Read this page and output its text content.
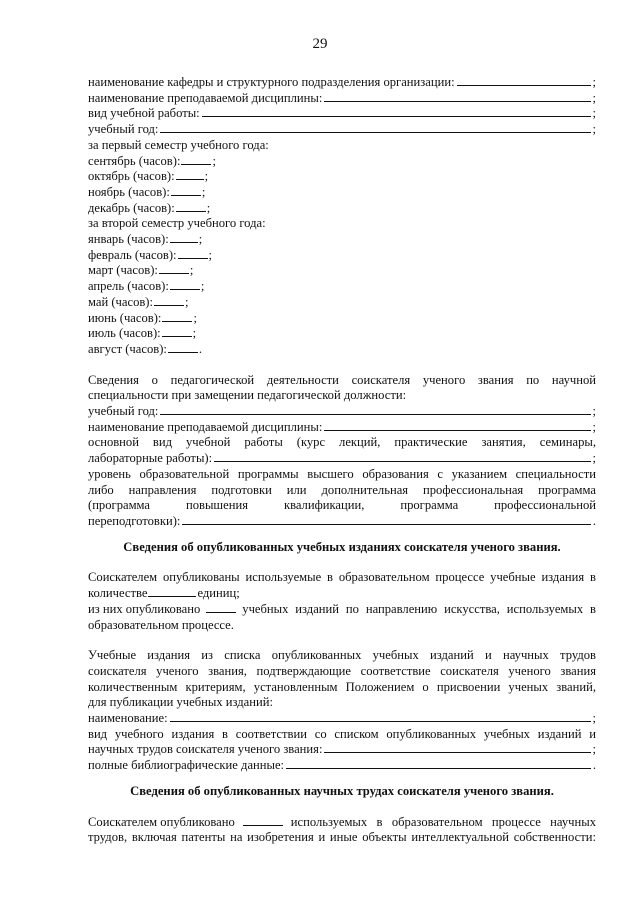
29
наименование кафедры и структурного подразделения организации:	;
наименование преподаваемой дисциплины:	;
вид учебной работы:	;
учебный год:	;
за первый семестр учебного года:
сентябрь (часов):	;
октябрь (часов): ;
ноябрь (часов):	;
декабрь (часов):	;
за второй семестр учебного года:
январь (часов): ;
февраль (часов):	;
март (часов):	;
апрель (часов):	;
май (часов):	;
июнь (часов):	;
июль (часов):	;
август (часов):	.
Сведения о педагогической деятельности соискателя ученого звания по научной
специальности при замещении педагогической должности:
учебный год:	;
наименование преподаваемой дисциплины:	;
основной вид учебной работы (курс лекций, практические занятия, семинары,
лабораторные работы):	;
уровень образовательной программы высшего образования с указанием специальности
либо направления подготовки или дополнительная профессиональная программа
(программа повышения квалификации, программа профессиональной
переподготовки):	.
Сведения об опубликованных учебных изданиях соискателя ученого звания.
Соискателем опубликованы используемые в образовательном процессе учебные издания в
количестве	единиц;
из них опубликовано	учебных изданий по направлению искусства, используемых в
образовательном процессе.
Учебные издания из списка опубликованных учебных изданий и научных трудов
соискателя ученого звания, подтверждающие соответствие соискателя ученого звания
количественным критериям, установленным Положением о присвоении ученых званий,
для публикации учебных изданий:
наименование:	;
вид учебного издания в соответствии со списком опубликованных учебных изданий и
научных трудов соискателя ученого звания:	;
полные библиографические данные:	.
Сведения об опубликованных научных трудах соискателя ученого звания.
Соискателем опубликовано	используемых в образовательном процессе научных
трудов, включая патенты на изобретения и иные объекты интеллектуальной собственности:
